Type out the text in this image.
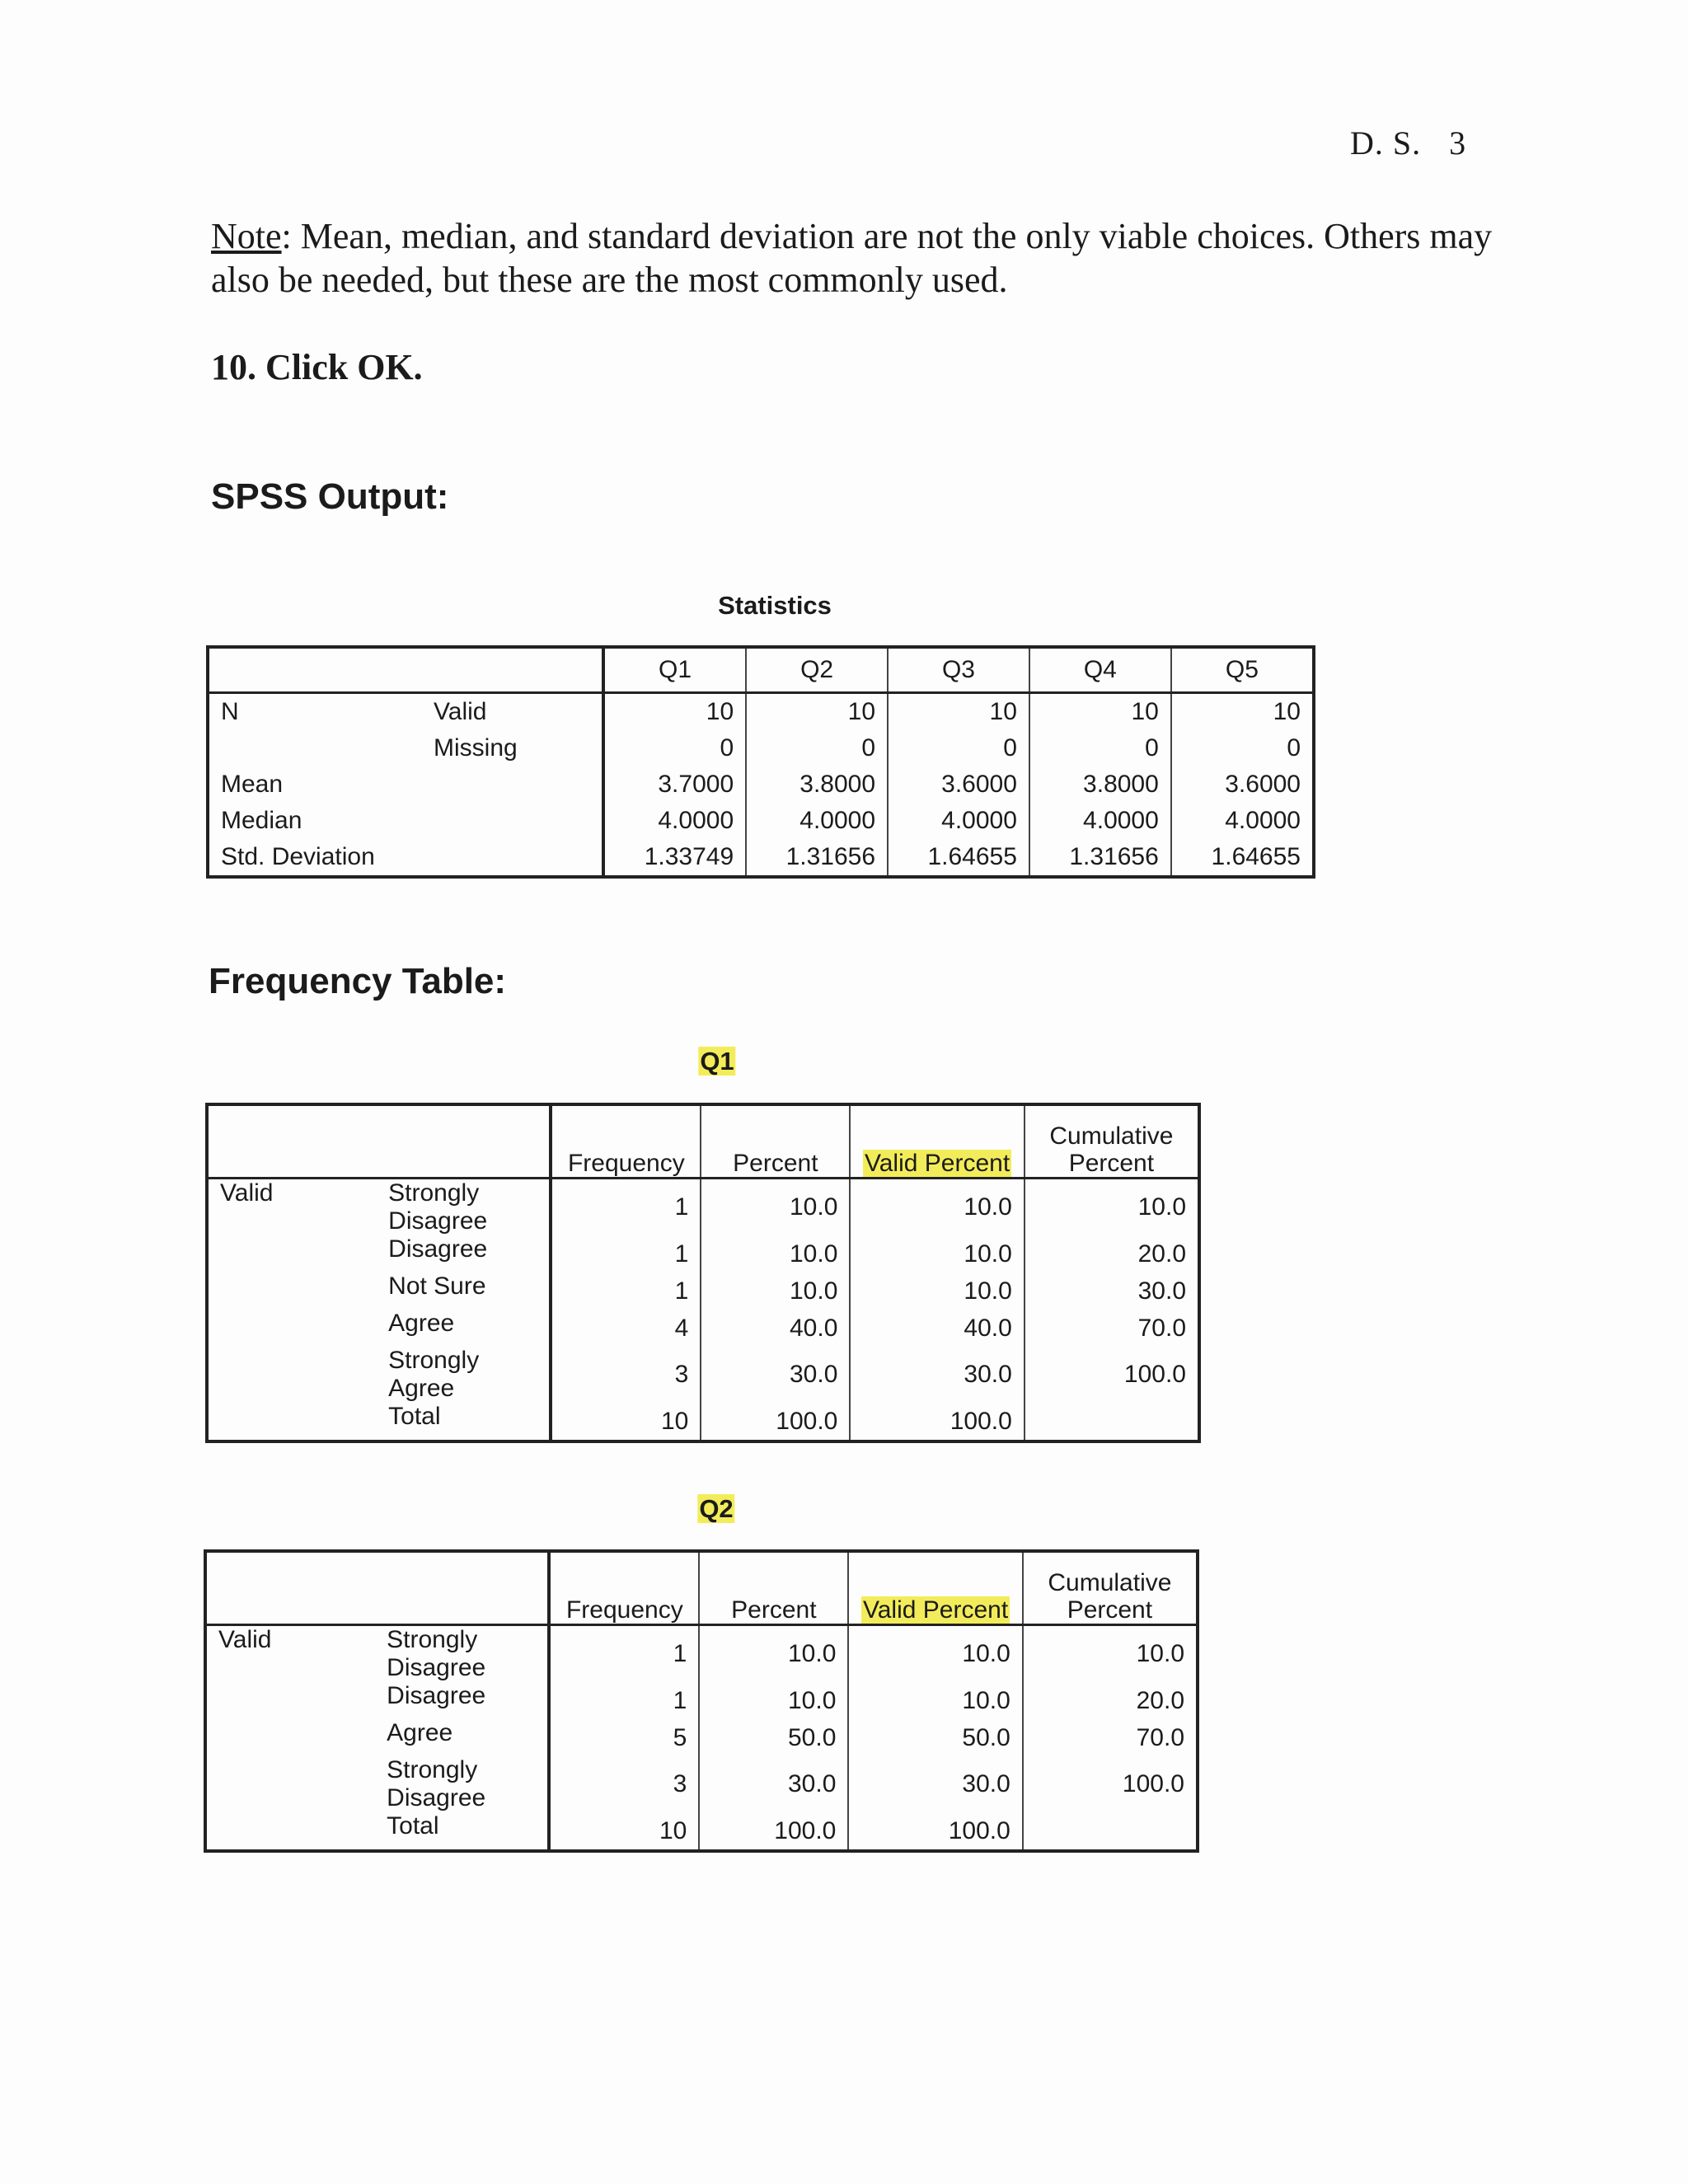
D. S. 3
Note: Mean, median, and standard deviation are not the only viable choices. Others may also be needed, but these are the most commonly used.
10. Click OK.
SPSS Output:
Statistics
		Q1	Q2	Q3	Q4	Q5
N	Valid	10	10	10	10	10
	Missing	0	0	0	0	0
Mean		3.7000	3.8000	3.6000	3.8000	3.6000
Median		4.0000	4.0000	4.0000	4.0000	4.0000
Std. Deviation		1.33749	1.31656	1.64655	1.31656	1.64655
Frequency Table:
Q1
		Frequency	Percent	Valid Percent	Cumulative
Percent
Valid	Strongly Disagree	1	10.0	10.0	10.0
	Disagree	1	10.0	10.0	20.0
	Not Sure	1	10.0	10.0	30.0
	Agree	4	40.0	40.0	70.0
	Strongly Agree	3	30.0	30.0	100.0
	Total	10	100.0	100.0	
Q2
		Frequency	Percent	Valid Percent	Cumulative
Percent
Valid	Strongly Disagree	1	10.0	10.0	10.0
	Disagree	1	10.0	10.0	20.0
	Agree	5	50.0	50.0	70.0
	Strongly Disagree	3	30.0	30.0	100.0
	Total	10	100.0	100.0	
